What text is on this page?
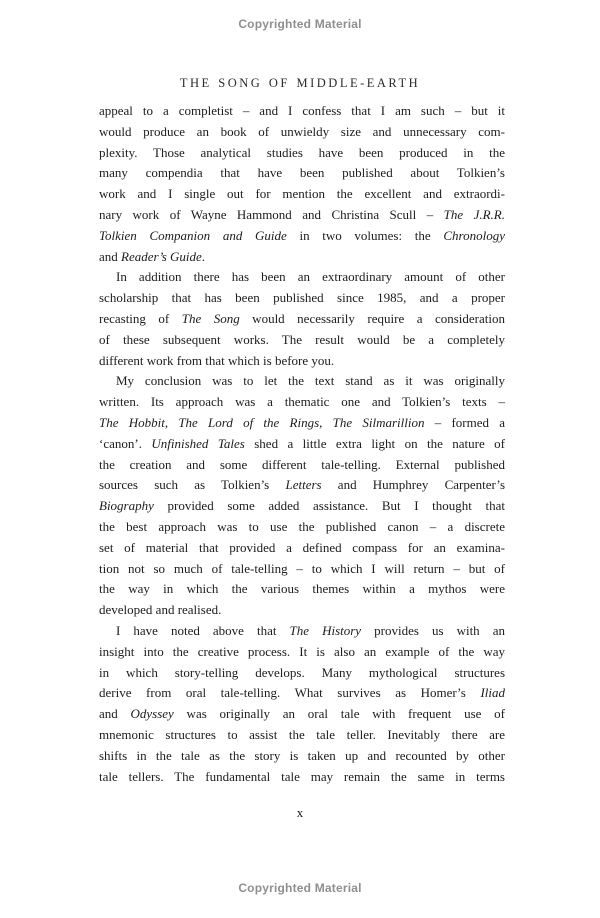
Copyrighted Material
THE SONG OF MIDDLE-EARTH
appeal to a completist – and I confess that I am such – but it
would produce an book of unwieldy size and unnecessary com-
plexity. Those analytical studies have been produced in the
many compendia that have been published about Tolkien’s
work and I single out for mention the excellent and extraordi-
nary work of Wayne Hammond and Christina Scull – The J.R.R.
Tolkien Companion and Guide in two volumes: the Chronology
and Reader’s Guide.
In addition there has been an extraordinary amount of other
scholarship that has been published since 1985, and a proper
recasting of The Song would necessarily require a consideration
of these subsequent works. The result would be a completely
different work from that which is before you.
My conclusion was to let the text stand as it was originally
written. Its approach was a thematic one and Tolkien’s texts –
The Hobbit, The Lord of the Rings, The Silmarillion – formed a
‘canon’. Unfinished Tales shed a little extra light on the nature of
the creation and some different tale-telling. External published
sources such as Tolkien’s Letters and Humphrey Carpenter’s
Biography provided some added assistance. But I thought that
the best approach was to use the published canon – a discrete
set of material that provided a defined compass for an examina-
tion not so much of tale-telling – to which I will return – but of
the way in which the various themes within a mythos were
developed and realised.
I have noted above that The History provides us with an
insight into the creative process. It is also an example of the way
in which story-telling develops. Many mythological structures
derive from oral tale-telling. What survives as Homer’s Iliad
and Odyssey was originally an oral tale with frequent use of
mnemonic structures to assist the tale teller. Inevitably there are
shifts in the tale as the story is taken up and recounted by other
tale tellers. The fundamental tale may remain the same in terms
x
Copyrighted Material
